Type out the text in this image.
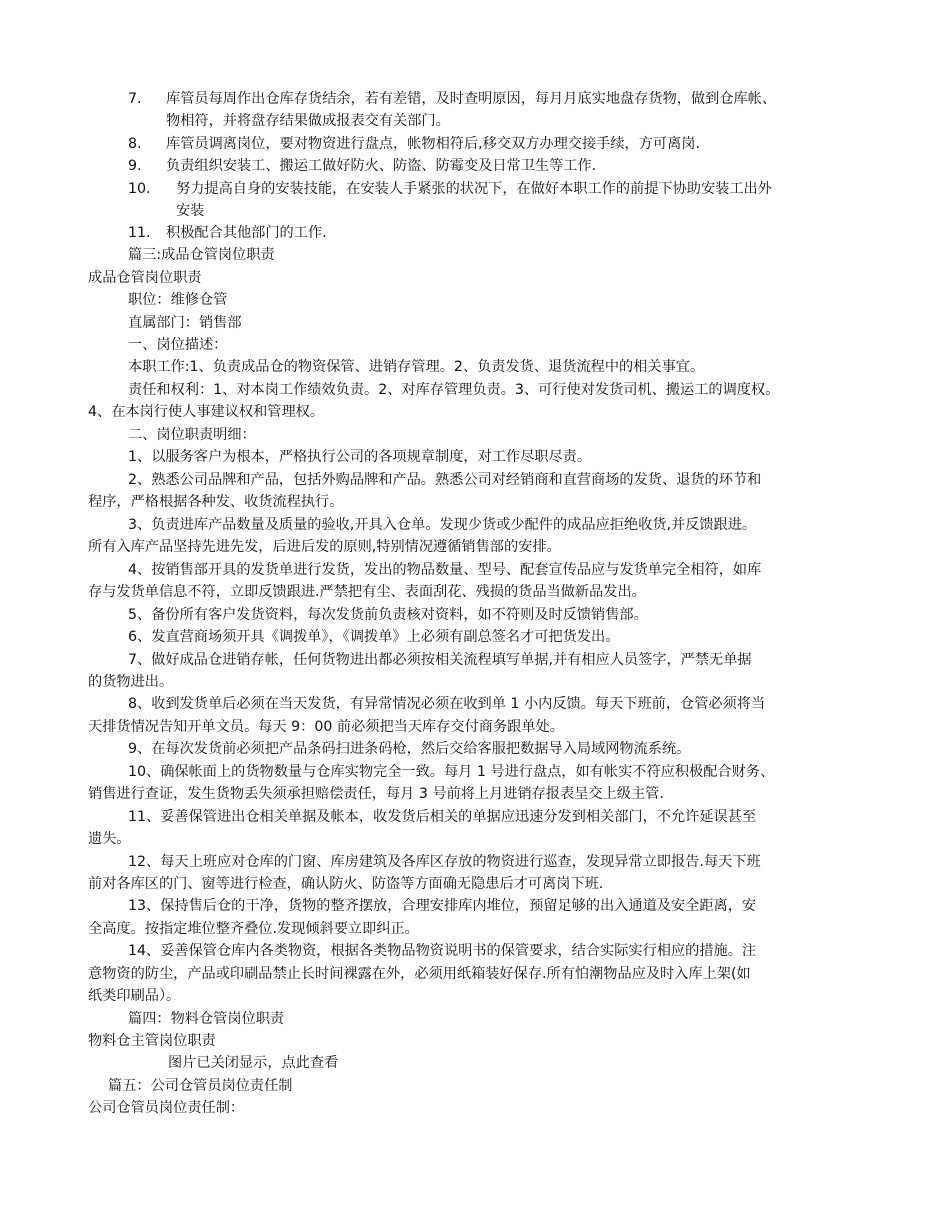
7. 库管员每周作出仓库存货结余，若有差错，及时查明原因，每月月底实地盘存货物，做到仓库帐、
物相符，并将盘存结果做成报表交有关部门。
8. 库管员调离岗位，要对物资进行盘点，帐物相符后,移交双方办理交接手续，方可离岗.
9. 负责组织安装工、搬运工做好防火、防盗、防霉变及日常卫生等工作.
10. 努力提高自身的安装技能，在安装人手紧张的状况下，在做好本职工作的前提下协助安装工出外
安装
11. 积极配合其他部门的工作.
篇三:成品仓管岗位职责
成品仓管岗位职责
职位：维修仓管
直属部门：销售部
一、岗位描述：
本职工作:1、负责成品仓的物资保管、进销存管理。2、负责发货、退货流程中的相关事宜。
责任和权利：1、对本岗工作绩效负责。2、对库存管理负责。3、可行使对发货司机、搬运工的调度权。
4、在本岗行使人事建议权和管理权。
二、岗位职责明细：
1、以服务客户为根本，严格执行公司的各项规章制度，对工作尽职尽责。
2、熟悉公司品牌和产品，包括外购品牌和产品。熟悉公司对经销商和直营商场的发货、退货的环节和
程序，严格根据各种发、收货流程执行。
3、负责进库产品数量及质量的验收,开具入仓单。发现少货或少配件的成品应拒绝收货,并反馈跟进。
所有入库产品坚持先进先发，后进后发的原则,特别情况遵循销售部的安排。
4、按销售部开具的发货单进行发货，发出的物品数量、型号、配套宣传品应与发货单完全相符，如库
存与发货单信息不符，立即反馈跟进.严禁把有尘、表面刮花、残损的货品当做新品发出。
5、备份所有客户发货资料，每次发货前负责核对资料，如不符则及时反馈销售部。
6、发直营商场须开具《调拨单》，《调拨单》上必须有副总签名才可把货发出。
7、做好成品仓进销存帐，任何货物进出都必须按相关流程填写单据,并有相应人员签字，严禁无单据
的货物进出。
8、收到发货单后必须在当天发货，有异常情况必须在收到单 1 小内反馈。每天下班前，仓管必须将当
天排货情况告知开单文员。每天 9：00 前必须把当天库存交付商务跟单处。
9、在每次发货前必须把产品条码扫进条码枪，然后交给客服把数据导入局域网物流系统。
10、确保帐面上的货物数量与仓库实物完全一致。每月 1 号进行盘点，如有帐实不符应积极配合财务、
销售进行查证，发生货物丢失须承担赔偿责任，每月 3 号前将上月进销存报表呈交上级主管.
11、妥善保管进出仓相关单据及帐本，收发货后相关的单据应迅速分发到相关部门，不允许延误甚至
遗失。
12、每天上班应对仓库的门窗、库房建筑及各库区存放的物资进行巡查，发现异常立即报告.每天下班
前对各库区的门、窗等进行检查，确认防火、防盗等方面确无隐患后才可离岗下班.
13、保持售后仓的干净，货物的整齐摆放，合理安排库内堆位，预留足够的出入通道及安全距离，安
全高度。按指定堆位整齐叠位.发现倾斜要立即纠正。
14、妥善保管仓库内各类物资，根据各类物品物资说明书的保管要求，结合实际实行相应的措施。注
意物资的防尘，产品或印刷品禁止长时间裸露在外，必须用纸箱装好保存.所有怕潮物品应及时入库上架(如
纸类印刷品）。
篇四：物料仓管岗位职责
物料仓主管岗位职责
图片已关闭显示，点此查看
篇五：公司仓管员岗位责任制
公司仓管员岗位责任制：
